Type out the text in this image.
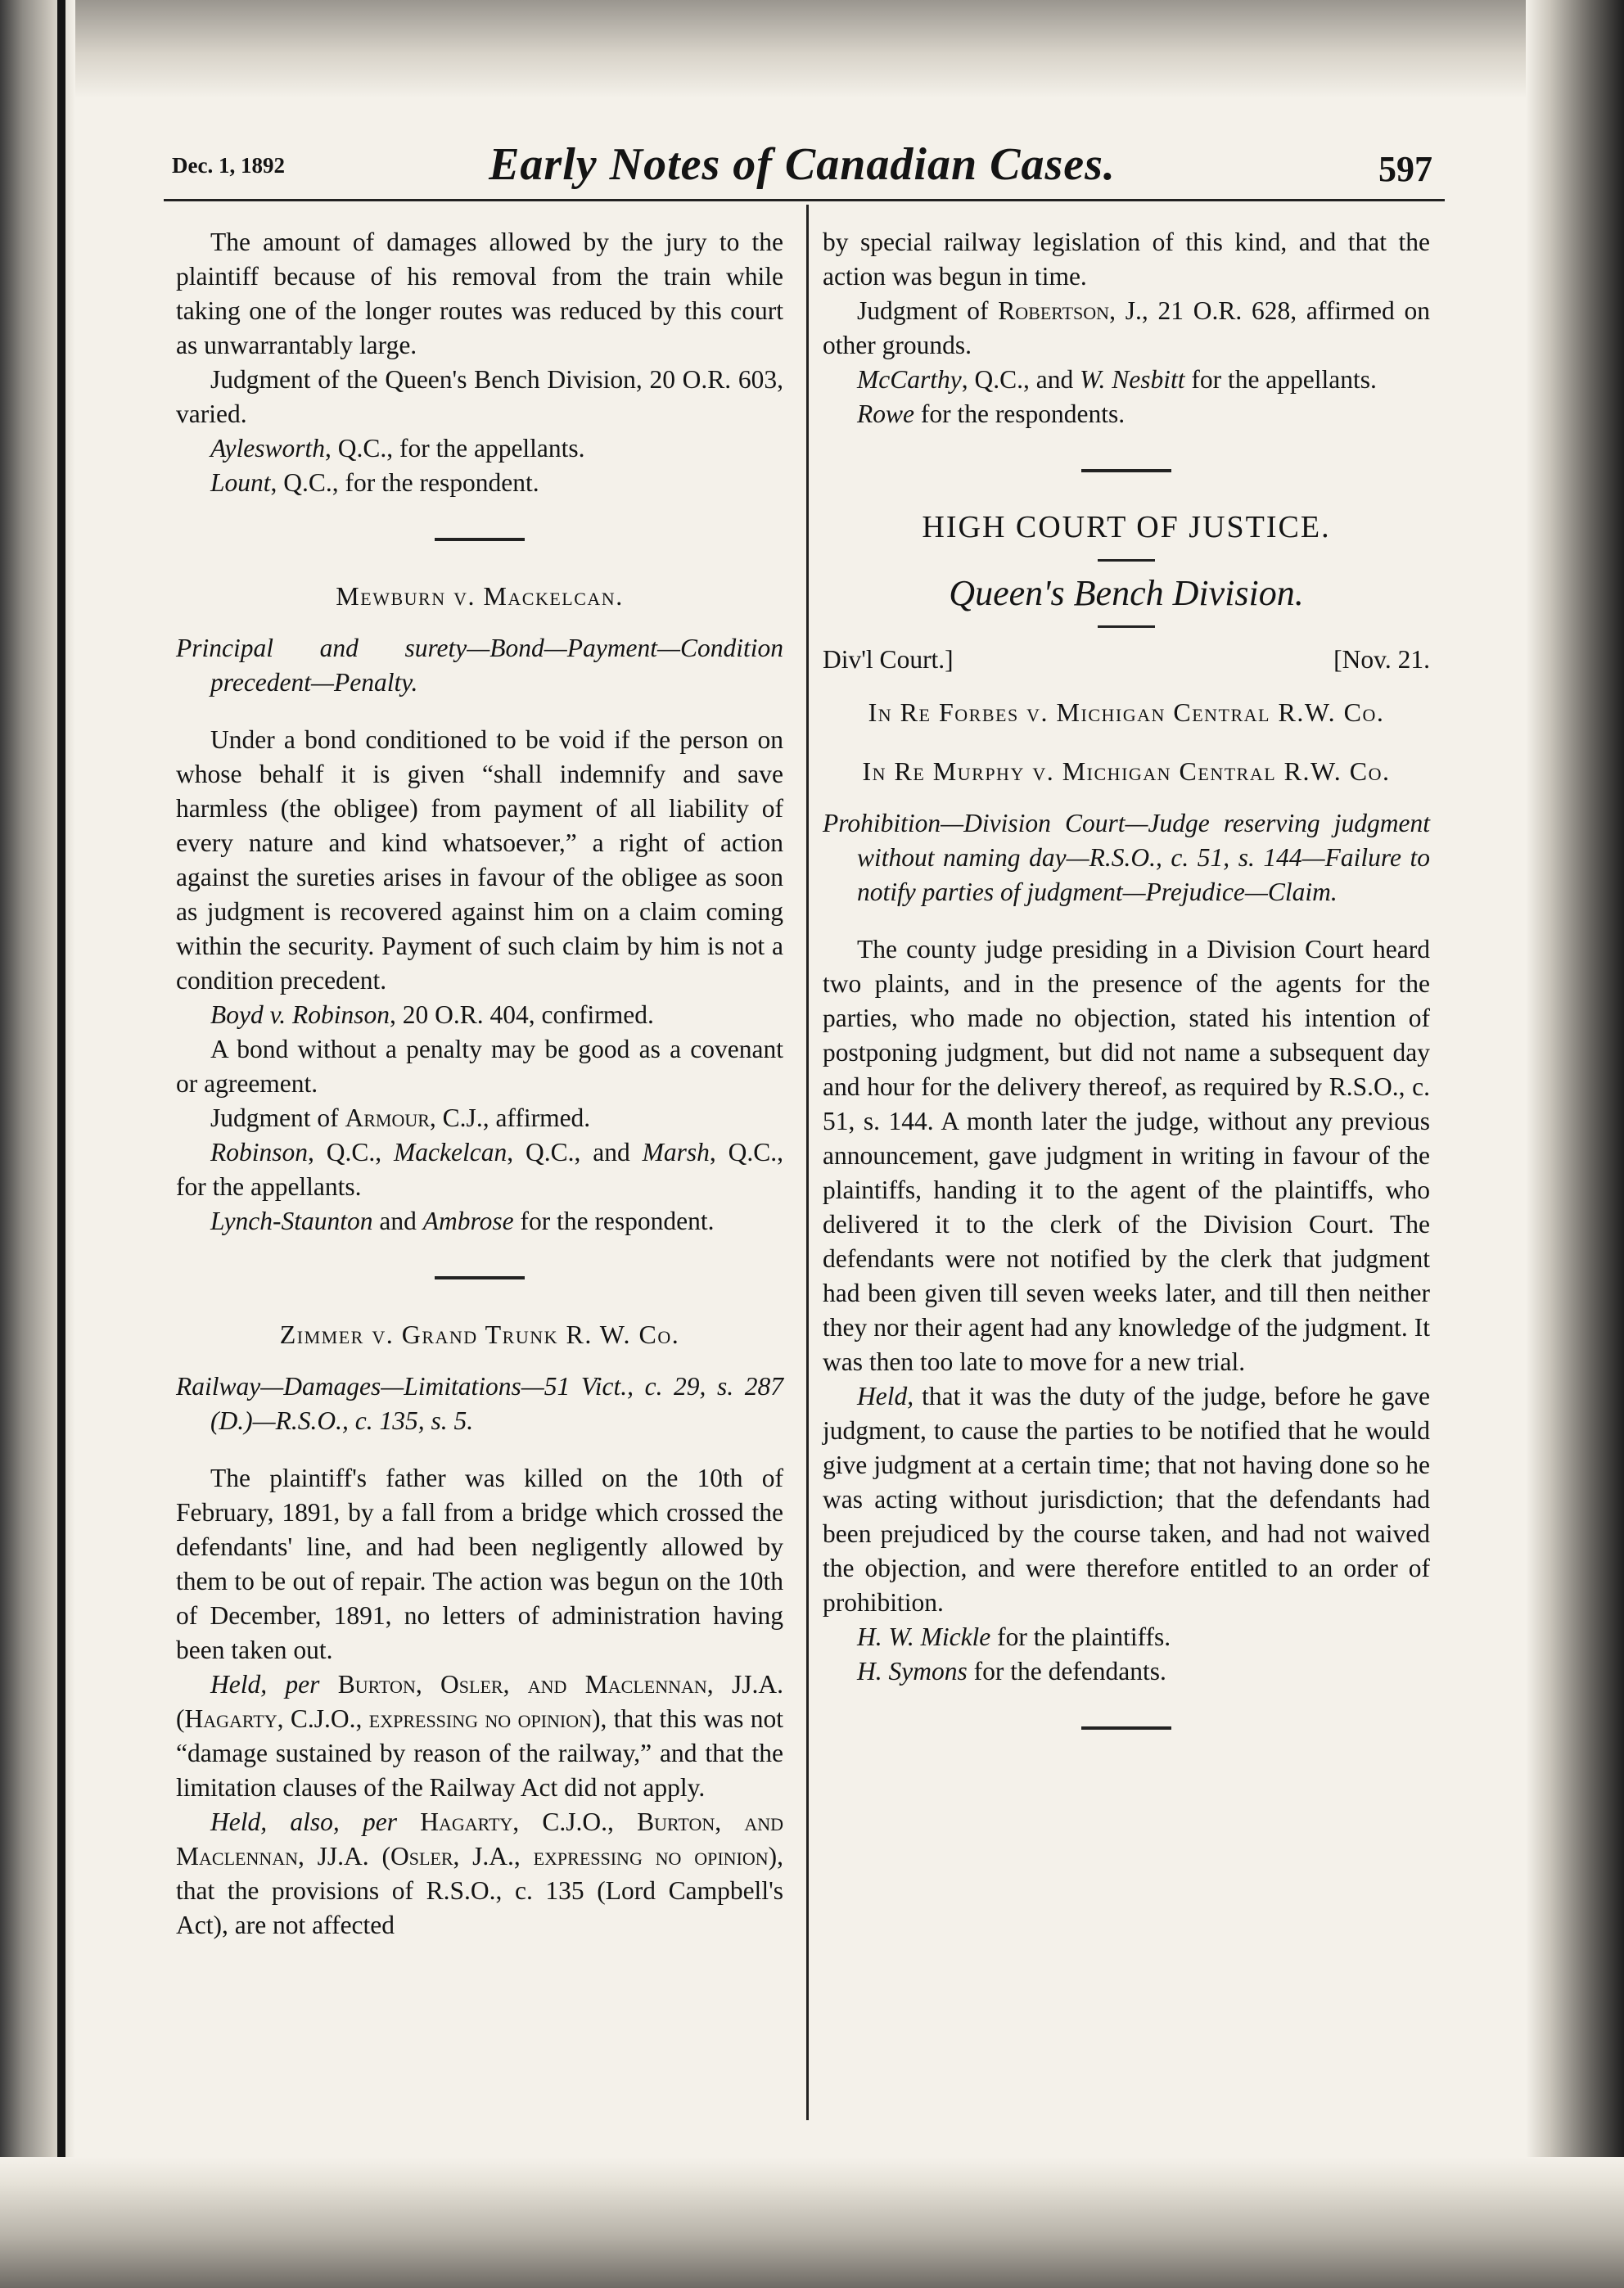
Dec. 1, 1892	Early Notes of Canadian Cases.	597

The amount of damages allowed by the jury to the plaintiff because of his removal from the train while taking one of the longer routes was reduced by this court as unwarrantably large.

Judgment of the Queen's Bench Division, 20 O.R. 603, varied.

Aylesworth, Q.C., for the appellants.

Lount, Q.C., for the respondent.

Mewburn v. Mackelcan.

Principal and surety—Bond—Payment—Condition precedent—Penalty.

Under a bond conditioned to be void if the person on whose behalf it is given “shall indemnify and save harmless (the obligee) from payment of all liability of every nature and kind whatsoever,” a right of action against the sureties arises in favour of the obligee as soon as judgment is recovered against him on a claim coming within the security. Payment of such claim by him is not a condition precedent.

Boyd v. Robinson, 20 O.R. 404, confirmed.

A bond without a penalty may be good as a covenant or agreement.

Judgment of Armour, C.J., affirmed.

Robinson, Q.C., Mackelcan, Q.C., and Marsh, Q.C., for the appellants.

Lynch-Staunton and Ambrose for the respondent.

Zimmer v. Grand Trunk R. W. Co.

Railway—Damages—Limitations—51 Vict., c. 29, s. 287 (D.)—R.S.O., c. 135, s. 5.

The plaintiff's father was killed on the 10th of February, 1891, by a fall from a bridge which crossed the defendants' line, and had been negligently allowed by them to be out of repair. The action was begun on the 10th of December, 1891, no letters of administration having been taken out.

Held, per Burton, Osler, and Maclennan, JJ.A. (Hagarty, C.J.O., expressing no opinion), that this was not “damage sustained by reason of the railway,” and that the limitation clauses of the Railway Act did not apply.

Held, also, per Hagarty, C.J.O., Burton, and Maclennan, JJ.A. (Osler, J.A., expressing no opinion), that the provisions of R.S.O., c. 135 (Lord Campbell's Act), are not affected

by special railway legislation of this kind, and that the action was begun in time.

Judgment of Robertson, J., 21 O.R. 628, affirmed on other grounds.

McCarthy, Q.C., and W. Nesbitt for the appellants.

Rowe for the respondents.

HIGH COURT OF JUSTICE.

Queen's Bench Division.

Div'l Court.]	[Nov. 21.

In Re Forbes v. Michigan Central R.W. Co.

In Re Murphy v. Michigan Central R.W. Co.

Prohibition—Division Court—Judge reserving judgment without naming day—R.S.O., c. 51, s. 144—Failure to notify parties of judgment—Prejudice—Claim.

The county judge presiding in a Division Court heard two plaints, and in the presence of the agents for the parties, who made no objection, stated his intention of postponing judgment, but did not name a subsequent day and hour for the delivery thereof, as required by R.S.O., c. 51, s. 144. A month later the judge, without any previous announcement, gave judgment in writing in favour of the plaintiffs, handing it to the agent of the plaintiffs, who delivered it to the clerk of the Division Court. The defendants were not notified by the clerk that judgment had been given till seven weeks later, and till then neither they nor their agent had any knowledge of the judgment. It was then too late to move for a new trial.

Held, that it was the duty of the judge, before he gave judgment, to cause the parties to be notified that he would give judgment at a certain time; that not having done so he was acting without jurisdiction; that the defendants had been prejudiced by the course taken, and had not waived the objection, and were therefore entitled to an order of prohibition.

H. W. Mickle for the plaintiffs.

H. Symons for the defendants.
